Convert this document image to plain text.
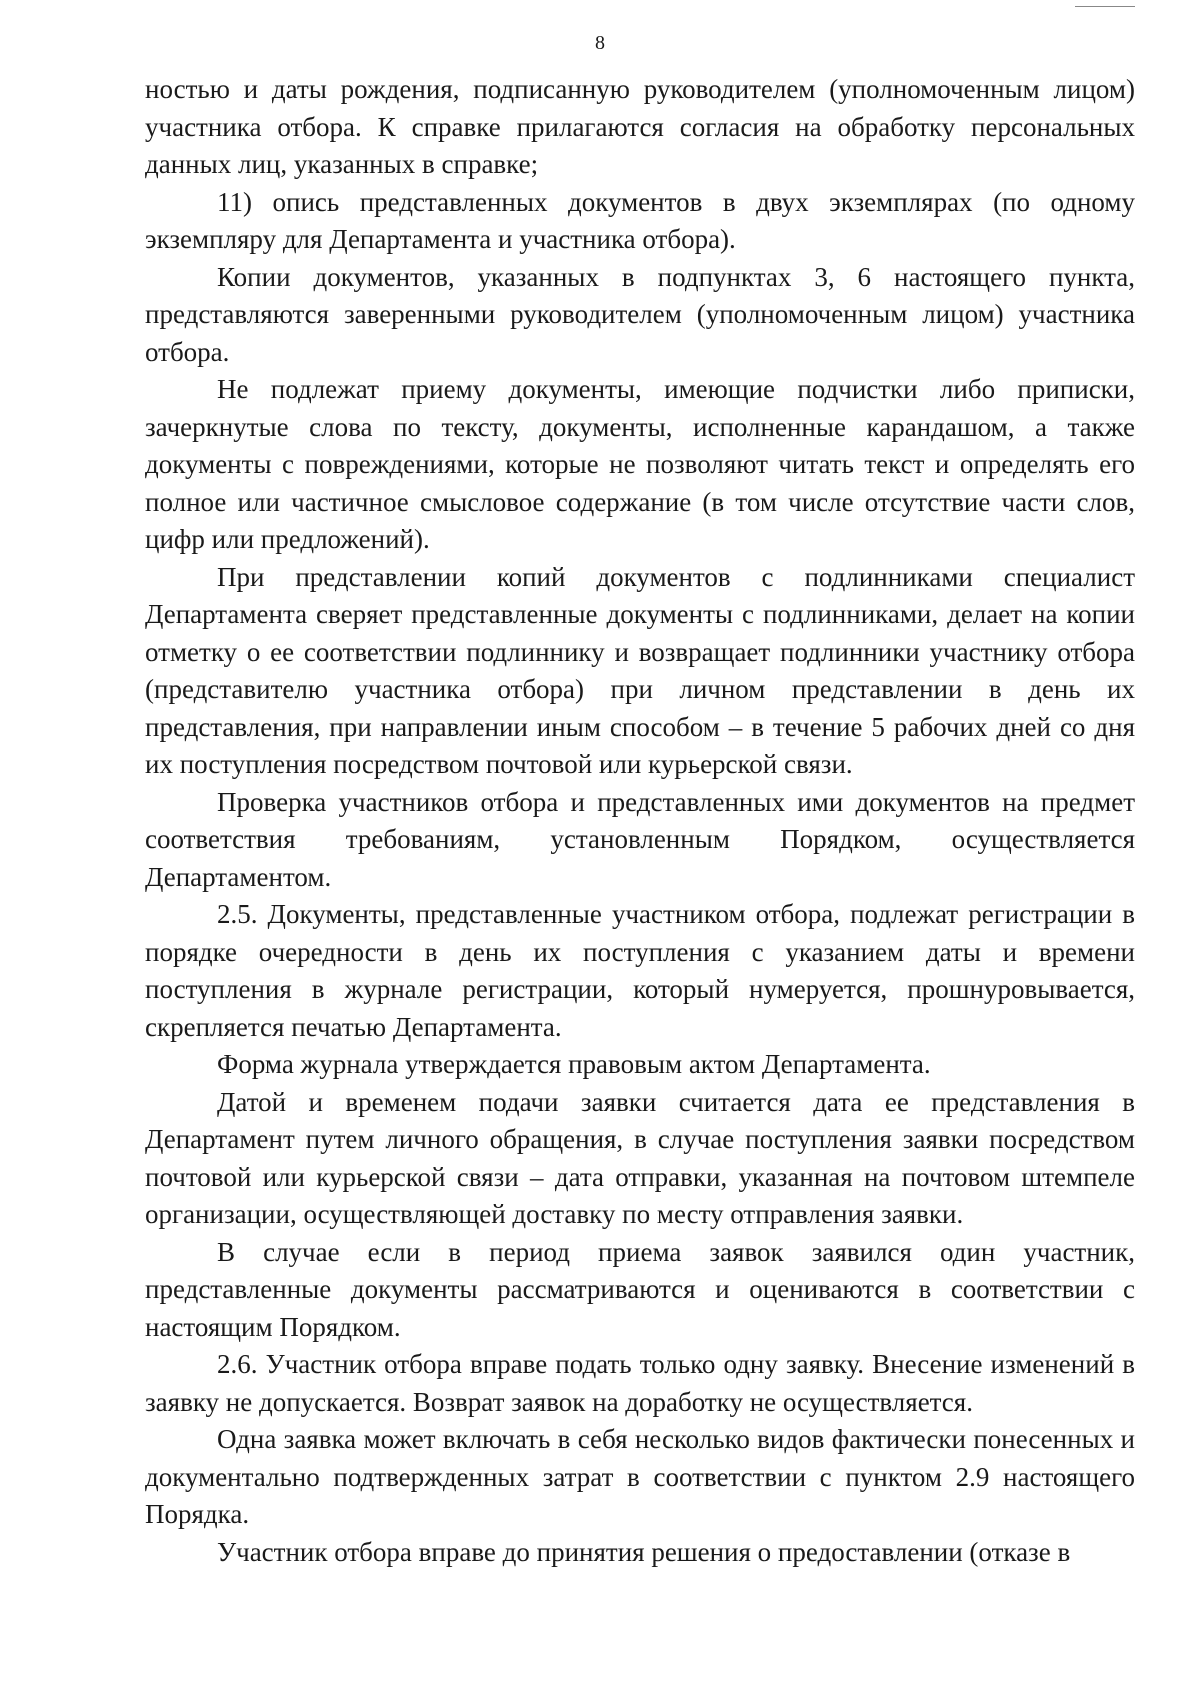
8

ностью и даты рождения, подписанную руководителем (уполномоченным лицом) участника отбора. К справке прилагаются согласия на обработку персональных данных лиц, указанных в справке;

11) опись представленных документов в двух экземплярах (по одному экземпляру для Департамента и участника отбора).

Копии документов, указанных в подпунктах 3, 6 настоящего пункта, представляются заверенными руководителем (уполномоченным лицом) участника отбора.

Не подлежат приему документы, имеющие подчистки либо приписки, зачеркнутые слова по тексту, документы, исполненные карандашом, а также документы с повреждениями, которые не позволяют читать текст и определять его полное или частичное смысловое содержание (в том числе отсутствие части слов, цифр или предложений).

При представлении копий документов с подлинниками специалист Департамента сверяет представленные документы с подлинниками, делает на копии отметку о ее соответствии подлиннику и возвращает подлинники участнику отбора (представителю участника отбора) при личном представлении в день их представления, при направлении иным способом – в течение 5 рабочих дней со дня их поступления посредством почтовой или курьерской связи.

Проверка участников отбора и представленных ими документов на предмет соответствия требованиям, установленным Порядком, осуществляется Департаментом.

2.5. Документы, представленные участником отбора, подлежат регистрации в порядке очередности в день их поступления с указанием даты и времени поступления в журнале регистрации, который нумеруется, прошнуровывается, скрепляется печатью Департамента.

Форма журнала утверждается правовым актом Департамента.

Датой и временем подачи заявки считается дата ее представления в Департамент путем личного обращения, в случае поступления заявки посредством почтовой или курьерской связи – дата отправки, указанная на почтовом штемпеле организации, осуществляющей доставку по месту отправления заявки.

В случае если в период приема заявок заявился один участник, представленные документы рассматриваются и оцениваются в соответствии с настоящим Порядком.

2.6. Участник отбора вправе подать только одну заявку. Внесение изменений в заявку не допускается. Возврат заявок на доработку не осуществляется.

Одна заявка может включать в себя несколько видов фактически понесенных и документально подтвержденных затрат в соответствии с пунктом 2.9 настоящего Порядка.

Участник отбора вправе до принятия решения о предоставлении (отказе в
